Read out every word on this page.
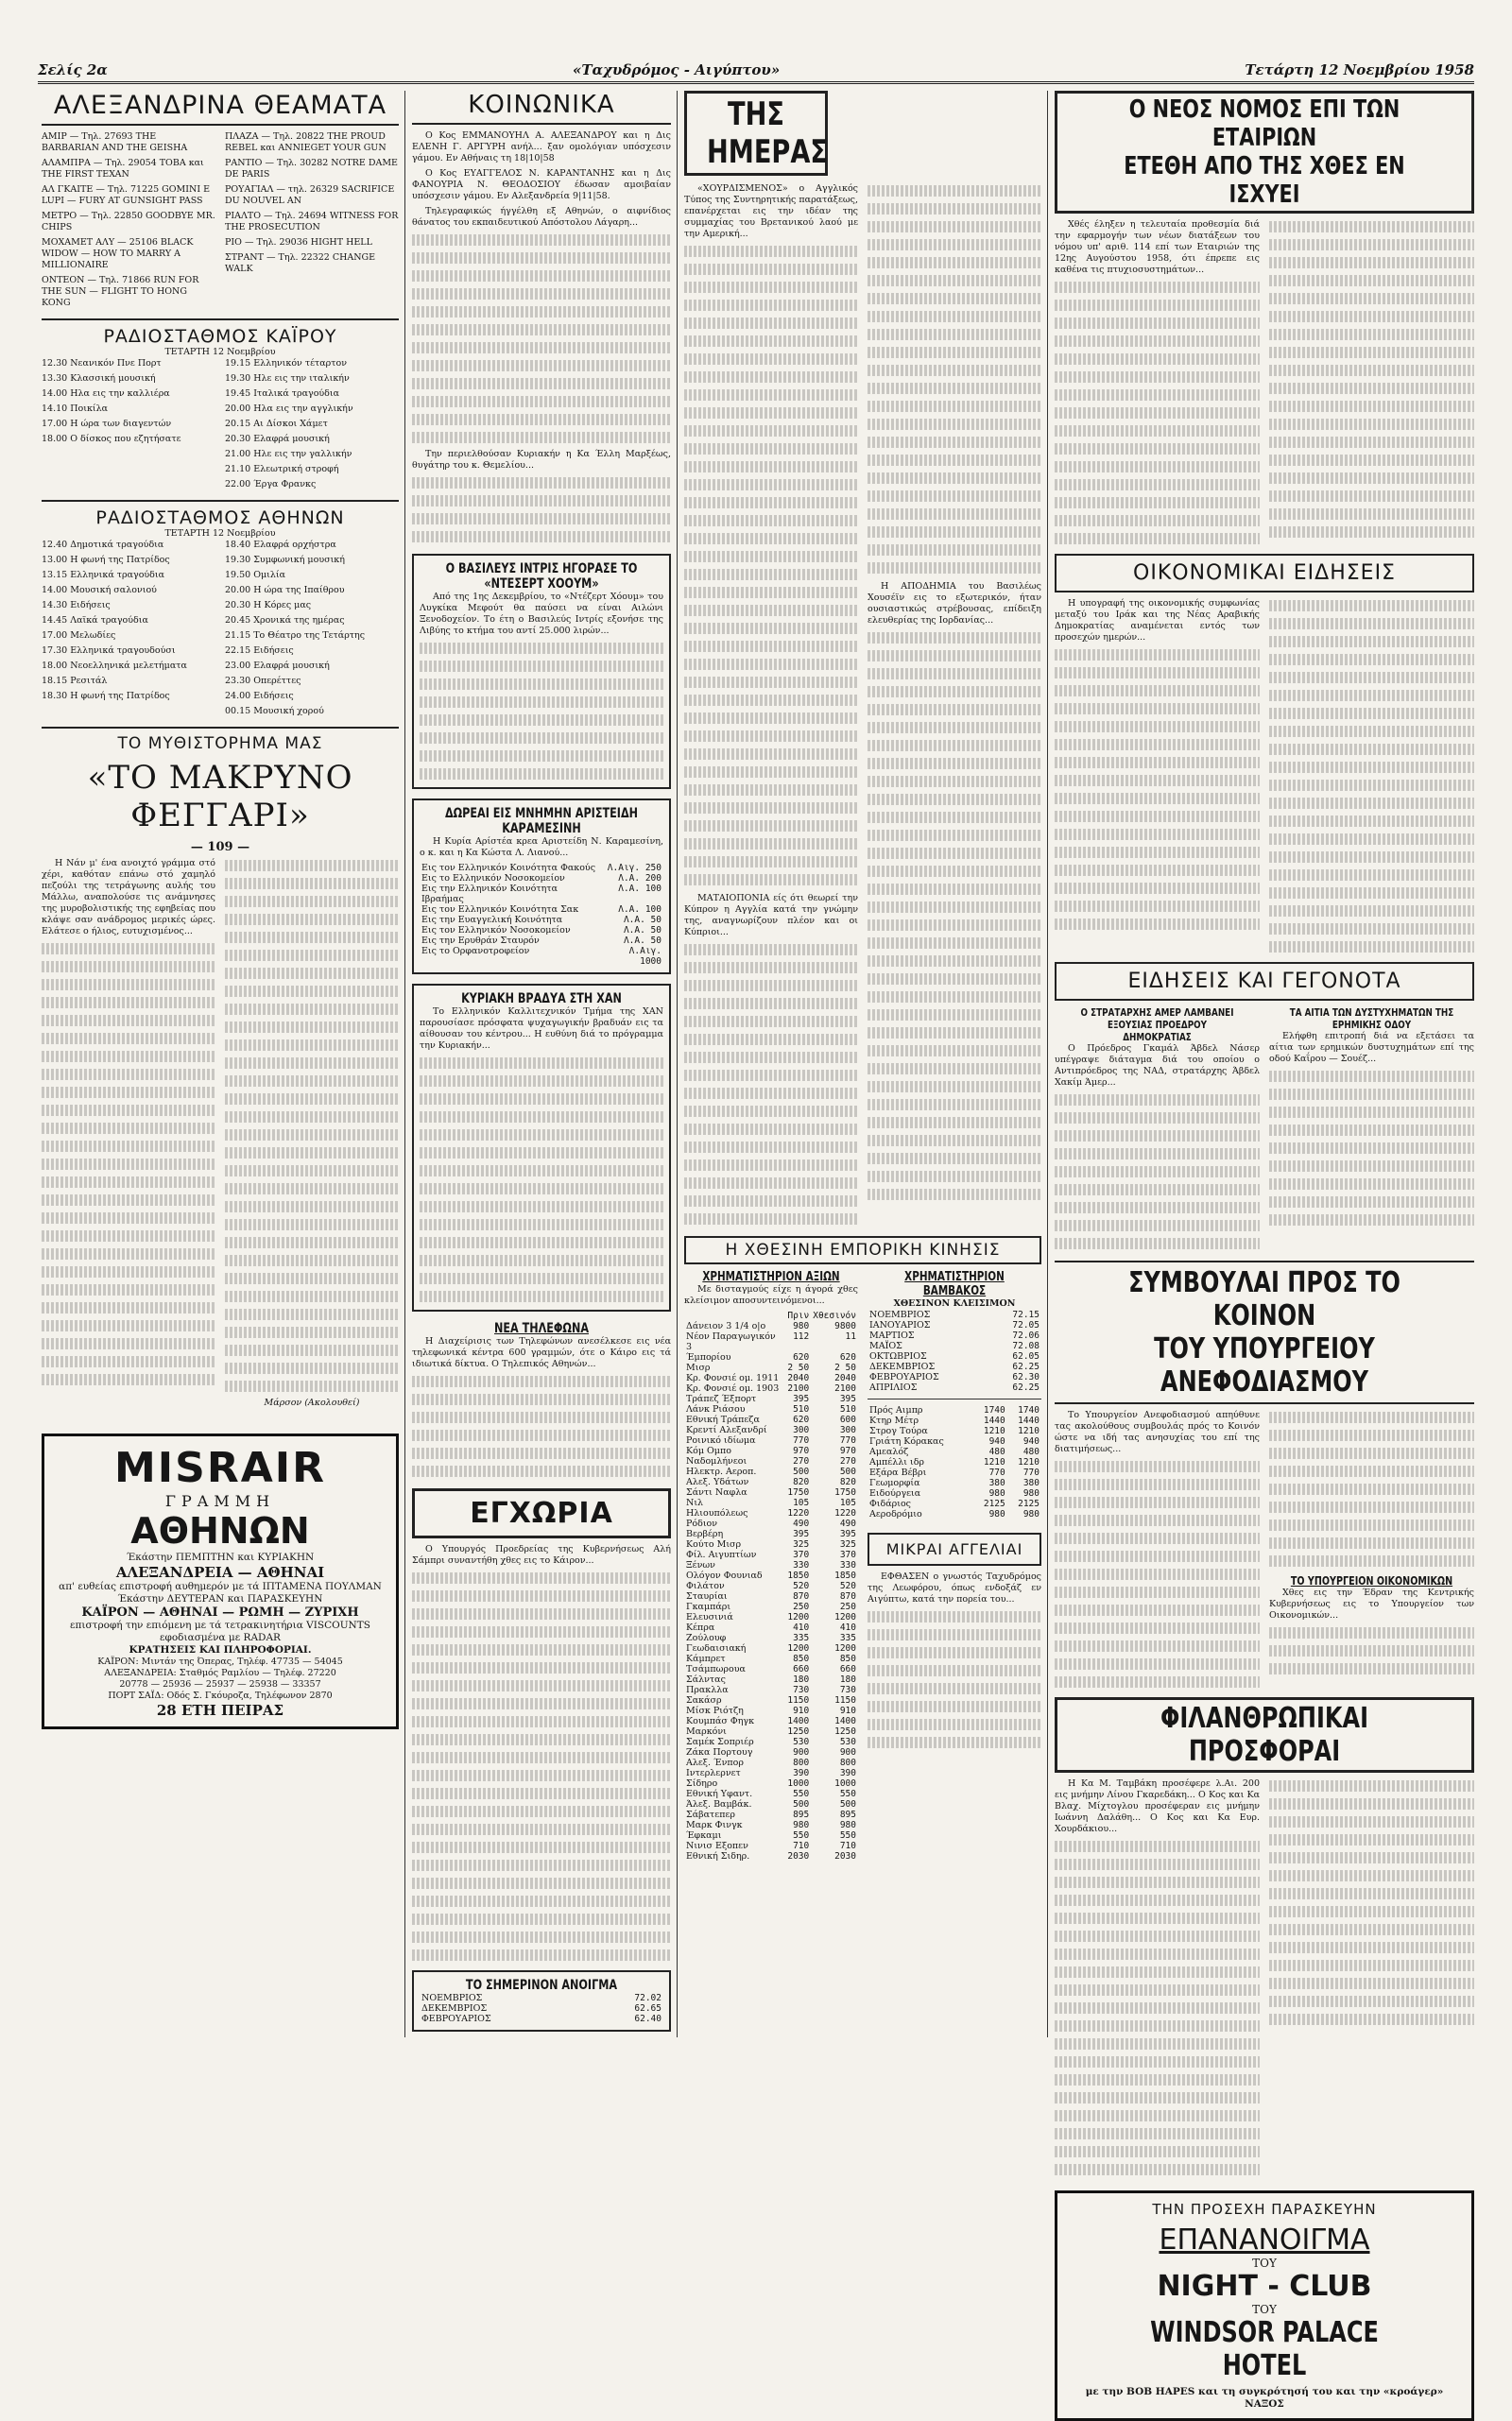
Σελίς 2α	«Ταχυδρόμος - Αιγύπτου»	Τετάρτη 12 Νοεμβρίου 1958
ΑΛΕΞΑΝΔΡΙΝΑ ΘΕΑΜΑΤΑ

ΑΜΙΡ — Τηλ. 27693 THE BARBARIAN AND THE GEISHA

ΑΛΑΜΠΡΑ — Τηλ. 29054 TOBA και THE FIRST TEXAN

ΑΛ ΓΚΑΙΤΕ — Τηλ. 71225 GOMINI E LUPI — FURY AT GUNSIGHT PASS

ΜΕΤΡΟ — Τηλ. 22850 GOODBYE MR. CHIPS

ΜΟΧΑΜΕΤ ΑΛΥ — 25106 BLACK WIDOW — HOW TO MARRY A MILLIONAIRE

ΟΝΤΕΟΝ — Τηλ. 71866 RUN FOR THE SUN — FLIGHT TO HONG KONG

ΠΛΑΖΑ — Τηλ. 20822 THE PROUD REBEL και ANNIEGET YOUR GUN

ΡΑΝΤΙΟ — Τηλ. 30282 NOTRE DAME DE PARIS

ΡΟΥΑΓΙΑΛ — τηλ. 26329 SACRIFICE DU NOUVEL AN

ΡΙΑΛΤΟ — Τηλ. 24694 WITNESS FOR THE PROSECUTION

ΡΙΟ — Τηλ. 29036 HIGHT HELL

ΣΤΡΑΝΤ — Τηλ. 22322 CHANGE WALK

ΡΑΔΙΟΣΤΑΘΜΟΣ ΚΑΪΡΟΥ
ΤΕΤΑΡΤΗ 12 Νοεμβρίου

12.30 Νεανικόν Πνε Πορτ

13.30 Κλασσική μουσική

14.00 Ηλα εις την καλλιέρα

14.10 Ποικίλα

17.00 Η ώρα των διαγεντών

18.00 Ο δίσκος που εζητήσατε

19.15 Ελληνικόν τέταρτον

19.30 Ηλε εις την ιταλικήν

19.45 Ιταλικά τραγούδια

20.00 Ηλα εις την αγγλικήν

20.15 Αι Δίσκοι Χάμετ

20.30 Ελαφρά μουσική

21.00 Ηλε εις την γαλλικήν

21.10 Ελεωτρική στροφή

22.00 Έργα Φρανκς

ΡΑΔΙΟΣΤΑΘΜΟΣ ΑΘΗΝΩΝ
ΤΕΤΑΡΤΗ 12 Νοεμβρίου

12.40 Δημοτικά τραγούδια

13.00 Η φωνή της Πατρίδος

13.15 Ελληνικά τραγούδια

14.00 Μουσική σαλονιού

14.30 Ειδήσεις

14.45 Λαϊκά τραγούδια

17.00 Μελωδίες

17.30 Ελληνικά τραγουδούσι

18.00 Νεοελληνικά μελετήματα

18.15 Ρεσιτάλ

18.30 Η φωνή της Πατρίδος

18.40 Ελαφρά ορχήστρα

19.30 Συμφωνική μουσική

19.50 Ομιλία

20.00 Η ώρα της Ιπαίθρου

20.30 Η Κόρες μας

20.45 Χρονικά της ημέρας

21.15 Το Θέατρο της Τετάρτης

22.15 Ειδήσεις

23.00 Ελαφρά μουσική

23.30 Οπερέττες

24.00 Ειδήσεις

00.15 Μουσική χορού

ΤΟ ΜΥΘΙΣΤΟΡΗΜΑ ΜΑΣ
«ΤΟ ΜΑΚΡΥΝΟ ΦΕΓΓΑΡΙ»
— 109 —

Η Νάν μ' ένα ανοιχτό γράμμα στό χέρι, καθόταν επάνω στό χαμηλό πεζούλι της τετράγωνης αυλής του Μάλλω, αναπολούσε τις ανάμνησες της μυροβολιστικής της εφηβείας που κλάψε σαν ανάδρομος μερικές ώρες. Ελάτεσε ο ήλιος, ευτυχισμένος...

Μάρσον (Ακολουθεί)

MISRAIR
ΓΡΑΜΜΗ
ΑΘΗΝΩΝ
Έκάστην ΠΕΜΠΤΗΝ και ΚΥΡΙΑΚΗΝ
ΑΛΕΞΑΝΔΡΕΙΑ — ΑΘΗΝΑΙ
απ' ευθείας επιστροφή αυθημερόν με τά ΙΠΤΑΜΕΝΑ ΠΟΥΛΜΑΝ
Έκάστην ΔΕΥΤΕΡΑΝ και ΠΑΡΑΣΚΕΥΗΝ
ΚΑΪΡΟΝ — ΑΘΗΝΑΙ — ΡΩΜΗ — ΖΥΡΙΧΗ
επιστροφή την επιόμενη με τά τετρακινητήρια VISCOUNTS
εφοδιασμένα με RADAR
ΚΡΑΤΗΣΕΙΣ ΚΑΙ ΠΛΗΡΟΦΟΡΙΑΙ.
ΚΑΪΡΟΝ: Μιντάν της Όπερας, Τηλέφ. 47735 — 54045
ΑΛΕΞΑΝΔΡΕΙΑ: Σταθμός Ραμλίου — Τηλέφ. 27220
20778 — 25936 — 25937 — 25938 — 33357
ΠΟΡΤ ΣΑΪΔ: Οδός Σ. Γκόυροζα, Τηλέφωνον 2870
28 ΕΤΗ ΠΕΙΡΑΣ
ΚΟΙΝΩΝΙΚΑ

Ο Κος ΕΜΜΑΝΟΥΗΛ Α. ΑΛΕΞΑΝΔΡΟΥ και η Δις ΕΛΕΝΗ Γ. ΑΡΓΥΡΗ ανήλ... ξαν ομολόγιαν υπόσχεσιν γάμου. Εν Αθήναις τη 18|10|58

Ο Κος ΕΥΑΓΓΕΛΟΣ Ν. ΚΑΡΑΝΤΑΝΗΣ και η Δις ΦΑΝΟΥΡΙΑ Ν. ΘΕΟΔΟΣΙΟΥ έδωσαν αμοιβαίαν υπόσχεσιν γάμου. Εν Αλεξανδρεία 9|11|58.

Τηλεγραφικώς ήγγέλθη εξ Αθηνών, ο αιφνίδιος θάνατος του εκπαιδευτικού Απόστολου Λάγαρη...

Την περιελθούσαν Κυριακήν η Κα Έλλη Μαρξέως, θυγάτηρ του κ. Θεμελίου...

Ο ΒΑΣΙΛΕΥΣ ΙΝΤΡΙΣ ΗΓΟΡΑΣΕ ΤΟ «ΝΤΕΣΕΡΤ ΧΟΟΥΜ»

Από της 1ης Δεκεμβρίου, το «Ντέζερτ Χόουμ» του Λυγκίκα Μεφούτ θα παύσει να είναι Αιλώνι Ξενοδοχείον. Το έτη ο Βασιλεύς Ιντρίς εξονήσε της Λιβύης το κτήμα του αντί 25.000 λιρών...

ΔΩΡΕΑΙ ΕΙΣ ΜΝΗΜΗΝ ΑΡΙΣΤΕΙΔΗ ΚΑΡΑΜΕΣΙΝΗ

Η Κυρία Αρίστέα κρεα Αριστείδη Ν. Καραμεσίνη, ο κ. και η Κα Κώστα Λ. Λιανού...

Εις τον Ελληνικόν Κοινότητα Φακούς	Λ.Αιγ. 250
Εις το Ελληνικόν Νοσοκομείον	Λ.Α. 200
Εις την Ελληνικόν Κοινότητα Ιβραήμας	Λ.Α. 100
Εις τον Ελληνικόν Κοινότητα Σακ	Λ.Α. 100
Εις την Ευαγγελική Κοινότητα	Λ.Α. 50
Εις τον Ελληνικόν Νοσοκομείον	Λ.Α. 50
Εις την Ερυθράν Σταυρόν	Λ.Α. 50
Εις το Ορφανοτροφείον	Λ.Αιγ. 1000
ΚΥΡΙΑΚΗ ΒΡΑΔΥΑ ΣΤΗ ΧΑΝ

Το Ελληνικόν Καλλιτεχνικόν Τμήμα της ΧΑΝ παρουσίασε πρόσφατα ψυχαγωγικήν βραδυάν εις τα αίθουσαν του κέντρου... Η ευθύνη διά το πρόγραμμα την Κυριακήν...

ΝΕΑ ΤΗΛΕΦΩΝΑ

Η Διαχείρισις των Τηλεφώνων ανεσέλκεσε εις νέα τηλεφωνικά κέντρα 600 γραμμών, ότε ο Κάιρο εις τά ιδιωτικά δίκτυα. Ο Τηλεπικός Αθηνών...

ΕΓΧΩΡΙΑ

Ο Υπουργός Προεδρείας της Κυβερνήσεως Αλή Σάμπρι συναντήθη χθες εις το Κάιρον...

ΤΟ ΣΗΜΕΡΙΝΟΝ ΑΝΟΙΓΜΑ
ΝΟΕΜΒΡΙΟΣ	72.02
ΔΕΚΕΜΒΡΙΟΣ	62.65
ΦΕΒΡΟΥΑΡΙΟΣ	62.40
ΤΗΣ ΗΜΕΡΑΣ

«ΧΟΥΡΔΙΣΜΕΝΟΣ» ο Αγγλικός Τύπος της Συντηρητικής παρατάξεως, επανέρχεται εις την ιδέαν της συμμαχίας του Βρετανικού λαού με την Αμερική...

ΜΑΤΑΙΟΠΟΝΙΑ είς ότι θεωρεί την Κύπρον η Αγγλία κατά την γνώμην της, αναγνωρίζουν πλέον και οι Κύπριοι...

Η ΑΠΟΔΗΜΙΑ του Βασιλέως Χουσέϊν εις το εξωτερικόν, ήταν ουσιαστικώς στρέβουσας, επίδειξη ελευθερίας της Ιορδανίας...

Η ΧΘΕΣΙΝΗ ΕΜΠΟΡΙΚΗ ΚΙΝΗΣΙΣ
ΧΡΗΜΑΤΙΣΤΗΡΙΟΝ ΑΞΙΩΝ

Με δισταγμούς είχε η άγορά χθες κλείσιμον αποσυντεινόμενοι...

	Πριν	Χθεσινόν
Δάνειον 3 1/4 ο|ο	980	9800
Νέον Παραγωγικόν 3	112	11
Έμπορίου	620	620
Μισρ	2 50	2 50
Κρ. Φονσιέ ομ. 1911	2040	2040
Κρ. Φονσιέ ομ. 1903	2100	2100
Τράπεζ Έξπορτ	395	395
Λάνκ Ριάσου	510	510
Εθνική Τράπεζα	620	600
Κρεντί Αλεξανδρί	300	300
Ροινικό ιδίωμα	770	770
Κόμ Ομπο	970	970
Ναδομλήνεοι	270	270
Ηλεκτρ. Αεροπ.	500	500
Αλεξ. Υδάτων	820	820
Σάντι Ναφλα	1750	1750
Νιλ	105	105
Ηλιουπόλεως	1220	1220
Ρόδιον	490	490
Βερβέρη	395	395
Κούτο Μισρ	325	325
Φίλ. Αιγυπτίων	370	370
Ξένων	330	330
Ολόγον Φουνιαδ	1850	1850
Φιλάτον	520	520
Σταυρίαι	870	870
Γκαμπάρι	250	250
Ελευσινιά	1200	1200
Κέπρα	410	410
Ζούλουφ	335	335
Γεωδαισιακή	1200	1200
Κάμπρετ	850	850
Τσάμπωρουα	660	660
Σάλντας	180	180
Πρακλλα	730	730
Σακάσρ	1150	1150
Μίσκ Ριότζη	910	910
Κουμπάσ Φηγκ	1400	1400
Μαρκόνι	1250	1250
Σαμέκ Σοπριέρ	530	530
Ζάκα Πορτουγ	900	900
Αλεξ. Ένπορ	800	800
Ιντερλερνετ	390	390
Σίδηρο	1000	1000
Εθνική Υφαντ.	550	550
Άλεξ. Βαμβάκ.	500	500
Σάβατεπερ	895	895
Μαρκ Φινγκ	980	980
Έφκαμι	550	550
Νινισ Εξοπεν	710	710
Εθνική Σιδηρ.	2030	2030
ΧΡΗΜΑΤΙΣΤΗΡΙΟΝ ΒΑΜΒΑΚΟΣ
ΧΘΕΣΙΝΟΝ ΚΛΕΙΣΙΜΟΝ
ΝΟΕΜΒΡΙΟΣ	72.15
ΙΑΝΟΥΑΡΙΟΣ	72.05
ΜΑΡΤΙΟΣ	72.06
ΜΑΪΟΣ	72.08
ΟΚΤΩΒΡΙΟΣ	62.05
ΔΕΚΕΜΒΡΙΟΣ	62.25
ΦΕΒΡΟΥΑΡΙΟΣ	62.30
ΑΠΡΙΛΙΟΣ	62.25
Πρός Αιμπρ	1740	1740
Κτηρ Μέτρ	1440	1440
Στρογ Τούρα	1210	1210
Γριάτη Κόρακας	940	940
Αμεαλόζ	480	480
Αμπέλλι ιδρ	1210	1210
Εξάρα Βέβρι	770	770
Γεωμορφία	380	380
Ειδούργεια	980	980
Φιδάριος	2125	2125
Αεροδρόμιο	980	980
ΜΙΚΡΑΙ ΑΓΓΕΛΙΑΙ

ΕΦΘΑΣΕΝ ο γνωστός Ταχυδρόμος της Λεωφόρου, όπως ενδοξάζ εν Αιγύπτω, κατά την πορεία του...

Ο ΝΕΟΣ ΝΟΜΟΣ ΕΠΙ ΤΩΝ ΕΤΑΙΡΙΩΝ
ΕΤΕΘΗ ΑΠΟ ΤΗΣ ΧΘΕΣ ΕΝ ΙΣΧΥΕΙ

Χθές έληξεν η τελευταία προθεσμία διά την εφαρμογήν των νέων διατάξεων του νόμου υπ' αριθ. 114 επί των Εταιριών της 12ης Αυγούστου 1958, ότι έπρεπε εις καθένα τις πτυχιοσυστημάτων...

ΟΙΚΟΝΟΜΙΚΑΙ ΕΙΔΗΣΕΙΣ

Η υπογραφή της οικονομικής συμφωνίας μεταξύ του Ιράκ και της Νέας Αραβικής Δημοκρατίας αναμένεται εντός των προσεχών ημερών...

ΕΙΔΗΣΕΙΣ ΚΑΙ ΓΕΓΟΝΟΤΑ
Ο ΣΤΡΑΤΑΡΧΗΣ ΑΜΕΡ ΛΑΜΒΑΝΕΙ ΕΞΟΥΣΙΑΣ ΠΡΟΕΔΡΟΥ ΔΗΜΟΚΡΑΤΙΑΣ

Ο Πρόεδρος Γκαμάλ Άβδελ Νάσερ υπέγραψε διάταγμα διά του οποίου ο Αντιπρόεδρος της ΝΑΔ, στρατάρχης Άβδελ Χακίμ Άμερ...

ΤΑ ΑΙΤΙΑ ΤΩΝ ΔΥΣΤΥΧΗΜΑΤΩΝ ΤΗΣ ΕΡΗΜΙΚΗΣ ΟΔΟΥ

Ελήφθη επιτροπή διά να εξετάσει τα αίτια των ερημικών δυστυχημάτων επί της οδού Καΐρου — Σουέζ...

ΣΥΜΒΟΥΛΑΙ ΠΡΟΣ ΤΟ ΚΟΙΝΟΝ
ΤΟΥ ΥΠΟΥΡΓΕΙΟΥ ΑΝΕΦΟΔΙΑΣΜΟΥ

Το Υπουργείον Ανεφοδιασμού απηύθυνε τας ακολούθους συμβουλάς πρός το Κοινόν ώστε να ιδή τας ανησυχίας του επί της διατιμήσεως...

ΤΟ ΥΠΟΥΡΓΕΙΟΝ ΟΙΚΟΝΟΜΙΚΩΝ

Χθες εις την Έδραν της Κεντρικής Κυβερνήσεως εις το Υπουργείον των Οικονομικών...

ΦΙΛΑΝΘΡΩΠΙΚΑΙ ΠΡΟΣΦΟΡΑΙ

Η Κα Μ. Ταμβάκη προσέφερε λ.Αι. 200 εις μνήμην Λίνου Γκαρεδάκη... Ο Κος και Κα Βλαχ. Μίχτογλου προσέφεραν εις μνήμην Ιωάννη Δαλάθη... Ο Κος και Κα Ευρ. Χουρδάκιου...

ΤΗΝ ΠΡΟΣΕΧΗ ΠΑΡΑΣΚΕΥΗΝ
ΕΠΑΝΑΝΟΙΓΜΑ
ΤΟΥ
NIGHT - CLUB
ΤΟΥ
WINDSOR PALACE HOTEL
με την BOB HAPES και τη συγκρότησή του και την «κροάγερ» ΝΑΞΟΣ
